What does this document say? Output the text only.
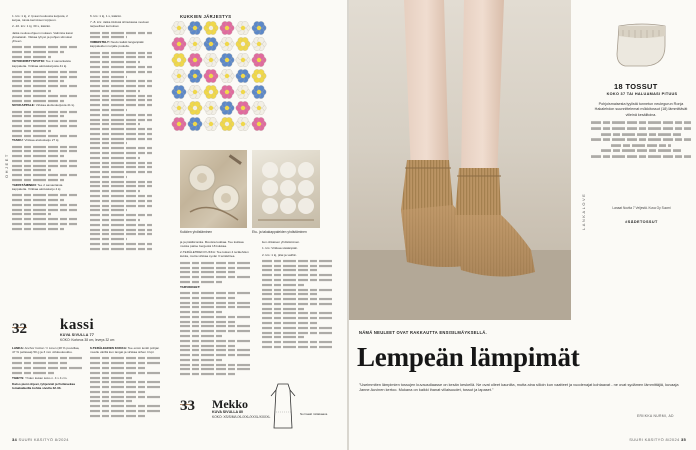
OHJEET

1. krs: 1 kj, 2. lp:aan koukusta ketjusta, 2 ketjua, toista kerroksen loppuun.

2.-10. krs: 1 kj, 30 s, kääntö.

Jatka neuloa ohjeen mukaan. Valmista kassi ylösalaisin. Vikkaa lyhyet ja pohjan silmukat yhteen.

VETOKIRISTYSPUTKI: Tee 2 samanlaista kappaletta. Virkkaa aloitusketjusta 41 kj.

SIVUKAPPALE: Virkkaa aloitusketjusta 41 kj.

TASKU: Virkkaa aloitusketju 27 kj.

YHDISTÄMINEN: Tee 2 samanlaista kappaletta. Virkkaa aloitusketju 4 kj.

6. krs: 1 kj, 1 s, kääntö.

7.-8. krs: Jatka tiiviissä silmukassa neuloen tarpeelliset kerrokset.

VIIMEISTELY: Neulo kaikki langanpäät kappaleiden nurjalle puolelle.

KUKKIEN JÄRJESTYS
Kukkien yhdistäminen	Etu- ja takakappaleiden yhdistäminen

ja ja pääliä lanka. Mootsia kukkaa. Tee kukkaa muista paitse bergestä 18 kukkaa.

2-TERÄLEHDEN KUKKA: Tee kukan 4 terälehden kukka, mutta virkkaa syvän 3 terälehtea.

TARVIKKEET:

lien ohkaisen yhdistäminen.

1. krs: Virkkaa sisäänpäin.

2. krs: 1 kj, pilai ja vaiihin.

32 kassi
KUVA SIVULLA 77
KOKO: Korkeus 38 cm, leveys 32 cm

LANKA: Anchor Cotton 'n' Linen (48 % puuvillaa, 47 % pellavaa) 50 g ja 3 mm virkkuukoukku.

TIHEYS: Yhden kukan koko n. 4 x 4 cm.

Katso pieni ohjeet, tyhjennät ja fisilaisekaa lomakaikeilla kohtia sivulla 32-33.

6-TERÄLEHDEN KUKKA: Tee ensin lenkit pohjan muulle värillä kun langat ja virkkaa siihen 4 kpl.

33 Mekko
KUVA SIVULLA 80
KOKO: XS/S/M/L/XL/XXL/XXXL/XXXXL
Normaali mittakaava
34 SUURI KÄSITYÖ 8/2024
LANKALOVE
18 TOSSUT
KOKO 37 TAI HALUAMASI PITUUS
Pohjoismaisesta tyylistä tunnetun neulegurun Ronja Hakalehdon suunnittelemat mökkitossut (18) lämmittävät viileinä kesäiltoina.
Lanaat Novita 7 Veljestä. Kuva Oy Suomi
#SÄDETOSSUT
NÄMÄ NEULEET OVAT RAKKAUTTA ENSISILMÄYKSELLÄ.
Lempeän lämpimät
"Useimmiten lämpimien tossujen kuvausdiaasse on kesän keskellä. Ne ovat olleet kauniita, mutta aina silloin kun vaatteet ja vuodenajat kohtaavat - ne ovat sydämen lämmittäjiä, kuvaaja Janne Auvinen kertoo. Mukana on kaikki ihanat villaisuudet, tossut ja lapaset."
ERIIKKA NURMI, AD
SUURI KÄSITYÖ 8/2024 35
